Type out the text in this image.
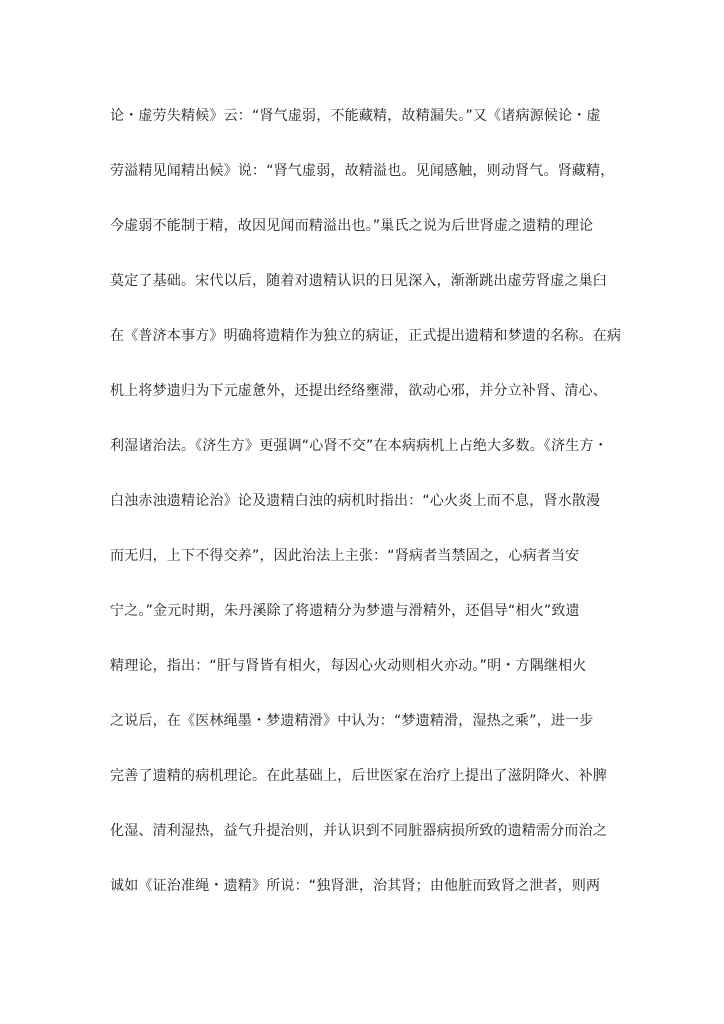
论・虚劳失精候》云：“肾气虚弱，不能藏精，故精漏失。”又《诸病源候论・虚
劳溢精见闻精出候》说：“肾气虚弱，故精溢也。见闻感触，则动肾气。肾藏精，
今虚弱不能制于精，故因见闻而精溢出也。”巢氏之说为后世肾虚之遗精的理论
莫定了基础。宋代以后，随着对遗精认识的日见深入，渐渐跳出虚劳肾虚之巢臼
在《普济本事方》明确将遗精作为独立的病证，正式提出遗精和梦遗的名称。在病
机上将梦遗归为下元虚惫外，还提出经络壅滞，欲动心邪，并分立补肾、清心、
利湿诸治法。《济生方》更强调“心肾不交”在本病病机上占绝大多数。《济生方・
白浊赤浊遗精论治》论及遗精白浊的病机时指出：“心火炎上而不息，肾水散漫
而无归，上下不得交养”，因此治法上主张：“肾病者当禁固之，心病者当安
宁之。”金元时期，朱丹溪除了将遗精分为梦遗与滑精外，还倡导“相火”致遗
精理论，指出：“肝与肾皆有相火，每因心火动则相火亦动。”明・方隅继相火
之说后，在《医林绳墨・梦遗精滑》中认为：“梦遗精滑，湿热之乘”，进一步
完善了遗精的病机理论。在此基础上，后世医家在治疗上提出了滋阴降火、补脾
化湿、清利湿热，益气升提治则，并认识到不同脏器病损所致的遗精需分而治之
诚如《证治准绳・遗精》所说：“独肾泄，治其肾；由他脏而致肾之泄者，则两
